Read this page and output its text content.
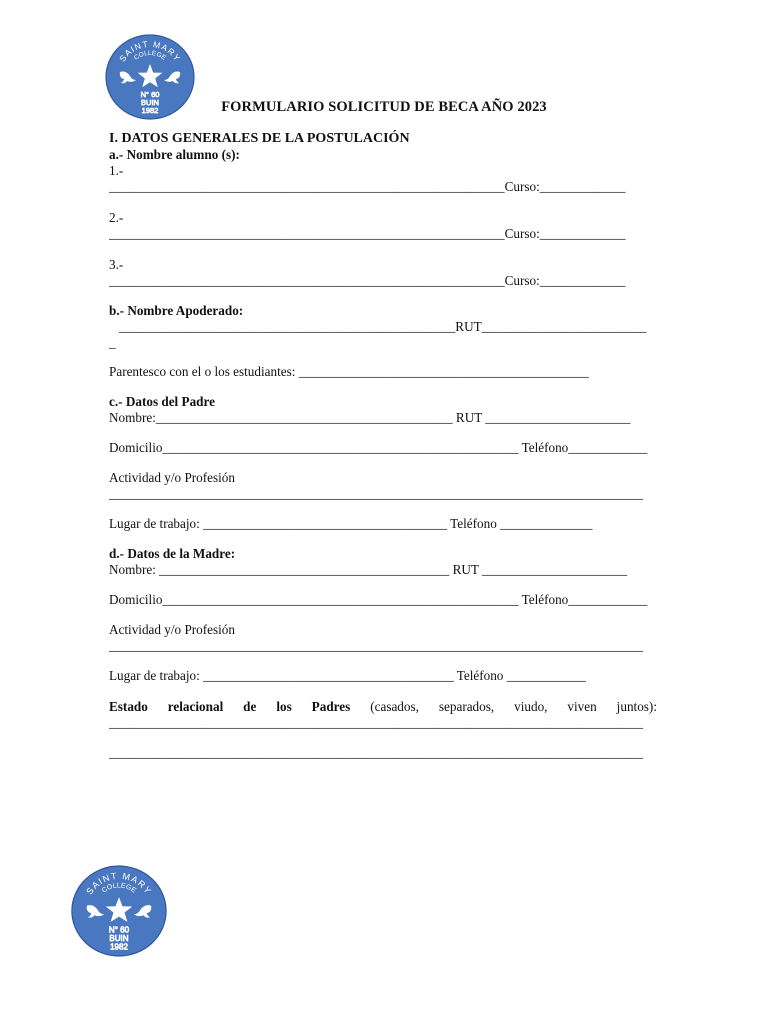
SAINT MARY
COLLEGE
N° 60
BUIN
1982	FORMULARIO SOLICITUD DE BECA AÑO 2023

I. DATOS GENERALES DE LA POSTULACIÓN

a.- Nombre alumno (s):

1.-

____________________________________________________________Curso:_____________

2.-

____________________________________________________________Curso:_____________

3.-

____________________________________________________________Curso:_____________

b.- Nombre Apoderado:

___________________________________________________RUT_________________________

_

Parentesco con el o los estudiantes: ____________________________________________

c.- Datos del Padre

Nombre:_____________________________________________ RUT ______________________

Domicilio______________________________________________________ Teléfono____________

Actividad y/o Profesión

_________________________________________________________________________________

Lugar de trabajo: _____________________________________ Teléfono ______________

d.- Datos de la Madre:

Nombre: ____________________________________________ RUT ______________________

Domicilio______________________________________________________ Teléfono____________

Actividad y/o Profesión

_________________________________________________________________________________

Lugar de trabajo: ______________________________________ Teléfono ____________

Estado relacional de los Padres (casados, separados, viudo, viven juntos):

_________________________________________________________________________________

_________________________________________________________________________________

SAINT MARY
COLLEGE
N° 60
BUIN
1982
